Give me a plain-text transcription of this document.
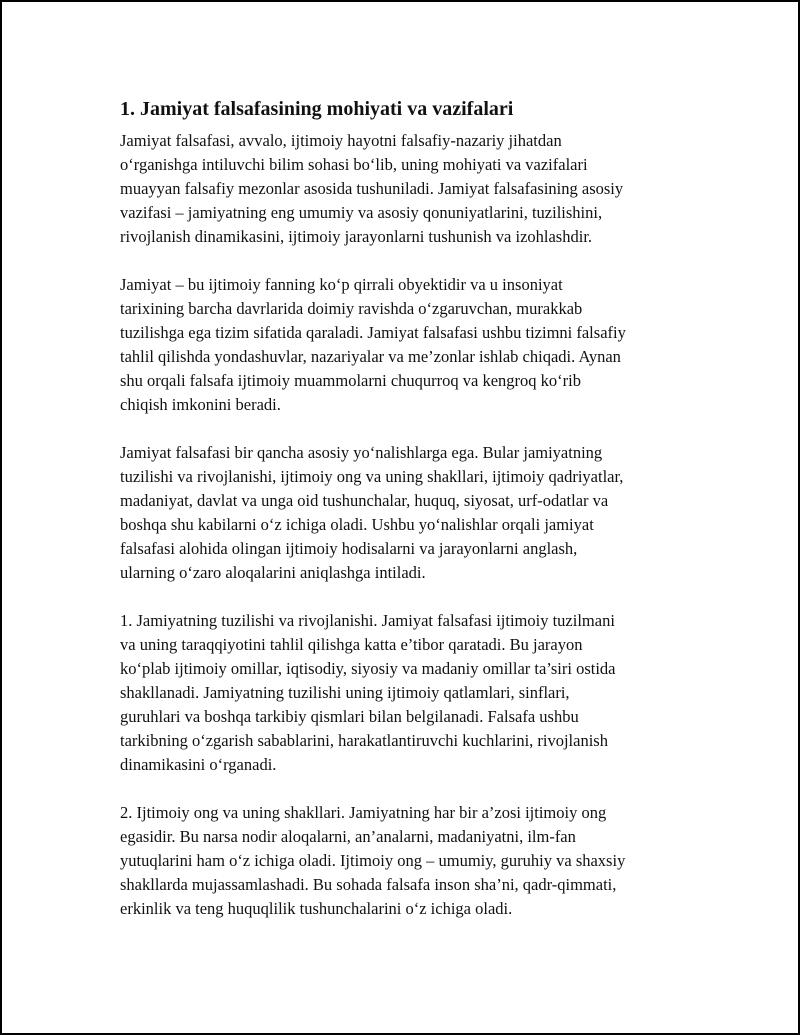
1. Jamiyat falsafasining mohiyati va vazifalari
Jamiyat falsafasi, avvalo, ijtimoiy hayotni falsafiy-nazariy jihatdan
o‘rganishga intiluvchi bilim sohasi bo‘lib, uning mohiyati va vazifalari
muayyan falsafiy mezonlar asosida tushuniladi. Jamiyat falsafasining asosiy
vazifasi – jamiyatning eng umumiy va asosiy qonuniyatlarini, tuzilishini,
rivojlanish dinamikasini, ijtimoiy jarayonlarni tushunish va izohlashdir.
Jamiyat – bu ijtimoiy fanning ko‘p qirrali obyektidir va u insoniyat
tarixining barcha davrlarida doimiy ravishda o‘zgaruvchan, murakkab
tuzilishga ega tizim sifatida qaraladi. Jamiyat falsafasi ushbu tizimni falsafiy
tahlil qilishda yondashuvlar, nazariyalar va me’zonlar ishlab chiqadi. Aynan
shu orqali falsafa ijtimoiy muammolarni chuqurroq va kengroq ko‘rib
chiqish imkonini beradi.
Jamiyat falsafasi bir qancha asosiy yo‘nalishlarga ega. Bular jamiyatning
tuzilishi va rivojlanishi, ijtimoiy ong va uning shakllari, ijtimoiy qadriyatlar,
madaniyat, davlat va unga oid tushunchalar, huquq, siyosat, urf-odatlar va
boshqa shu kabilarni o‘z ichiga oladi. Ushbu yo‘nalishlar orqali jamiyat
falsafasi alohida olingan ijtimoiy hodisalarni va jarayonlarni anglash,
ularning o‘zaro aloqalarini aniqlashga intiladi.
1. Jamiyatning tuzilishi va rivojlanishi. Jamiyat falsafasi ijtimoiy tuzilmani
va uning taraqqiyotini tahlil qilishga katta e’tibor qaratadi. Bu jarayon
ko‘plab ijtimoiy omillar, iqtisodiy, siyosiy va madaniy omillar ta’siri ostida
shakllanadi. Jamiyatning tuzilishi uning ijtimoiy qatlamlari, sinflari,
guruhlari va boshqa tarkibiy qismlari bilan belgilanadi. Falsafa ushbu
tarkibning o‘zgarish sabablarini, harakatlantiruvchi kuchlarini, rivojlanish
dinamikasini o‘rganadi.
2. Ijtimoiy ong va uning shakllari. Jamiyatning har bir a’zosi ijtimoiy ong
egasidir. Bu narsa nodir aloqalarni, an’analarni, madaniyatni, ilm-fan
yutuqlarini ham o‘z ichiga oladi. Ijtimoiy ong – umumiy, guruhiy va shaxsiy
shakllarda mujassamlashadi. Bu sohada falsafa inson sha’ni, qadr-qimmati,
erkinlik va teng huquqlilik tushunchalarini o‘z ichiga oladi.
